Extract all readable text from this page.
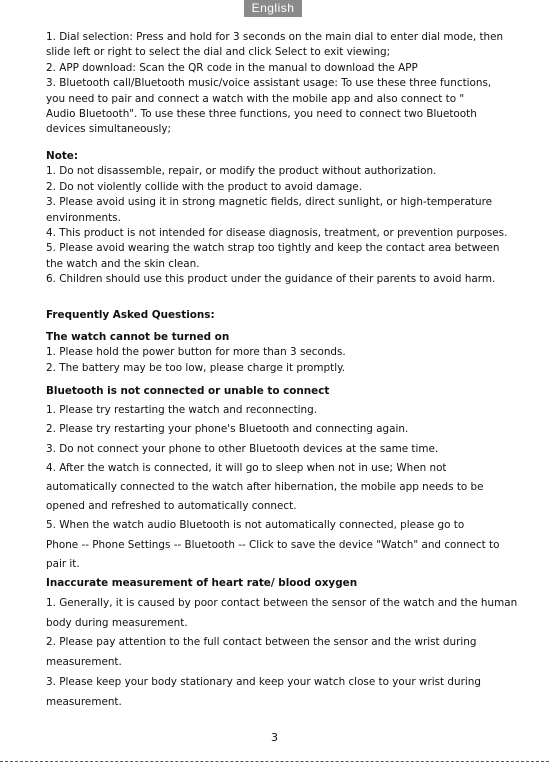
English
1. Dial selection: Press and hold for 3 seconds on the main dial to enter dial mode, then
slide left or right to select the dial and click Select to exit viewing;
2. APP download: Scan the QR code in the manual to download the APP
3. Bluetooth call/Bluetooth music/voice assistant usage: To use these three functions,
you need to pair and connect a watch with the mobile app and also connect to "
Audio Bluetooth". To use these three functions, you need to connect two Bluetooth
devices simultaneously;
Note:
1. Do not disassemble, repair, or modify the product without authorization.
2. Do not violently collide with the product to avoid damage.
3. Please avoid using it in strong magnetic fields, direct sunlight, or high-temperature
environments.
4. This product is not intended for disease diagnosis, treatment, or prevention purposes.
5. Please avoid wearing the watch strap too tightly and keep the contact area between
the watch and the skin clean.
6. Children should use this product under the guidance of their parents to avoid harm.
Frequently Asked Questions:
The watch cannot be turned on
1. Please hold the power button for more than 3 seconds.
2. The battery may be too low, please charge it promptly.
Bluetooth is not connected or unable to connect
1. Please try restarting the watch and reconnecting.
2. Please try restarting your phone's Bluetooth and connecting again.
3. Do not connect your phone to other Bluetooth devices at the same time.
4. After the watch is connected, it will go to sleep when not in use; When not
automatically connected to the watch after hibernation, the mobile app needs to be
opened and refreshed to automatically connect.
5. When the watch audio Bluetooth is not automatically connected, please go to
Phone -- Phone Settings -- Bluetooth -- Click to save the device "Watch" and connect to
pair it.
Inaccurate measurement of heart rate/ blood oxygen
1. Generally, it is caused by poor contact between the sensor of the watch and the human
body during measurement.
2. Please pay attention to the full contact between the sensor and the wrist during
measurement.
3. Please keep your body stationary and keep your watch close to your wrist during
measurement.
3
